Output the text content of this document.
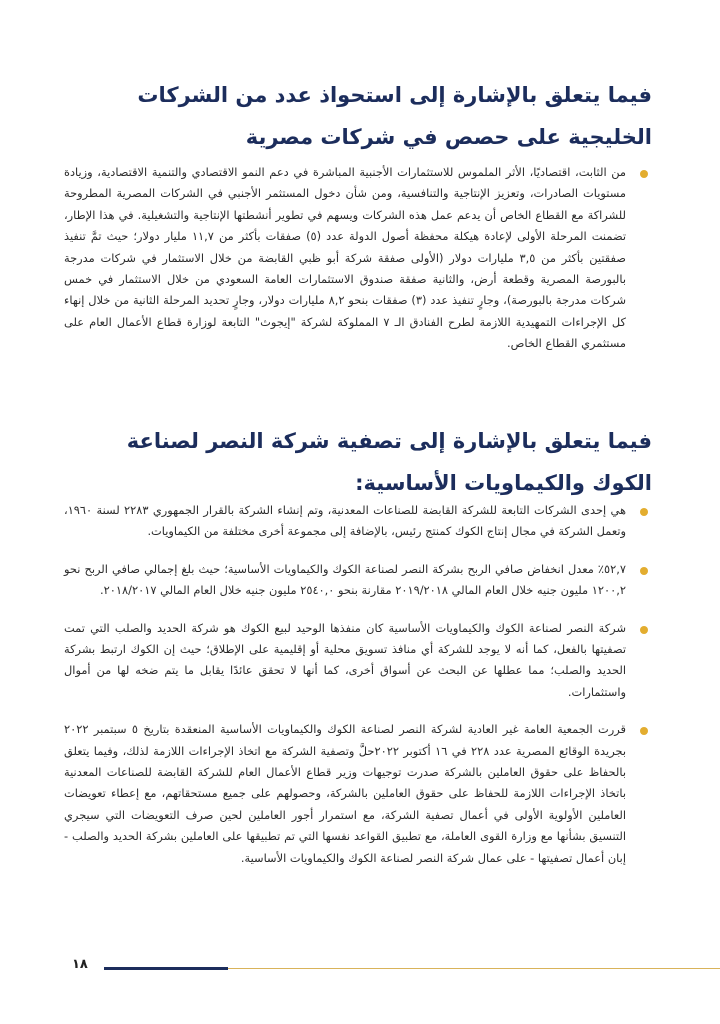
فيما يتعلق بالإشارة إلى استحواذ عدد من الشركات الخليجية على حصص في شركات مصرية

من الثابت، اقتصاديًا، الأثر الملموس للاستثمارات الأجنبية المباشرة في دعم النمو الاقتصادي والتنمية الاقتصادية، وزيادة مستويات الصادرات، وتعزيز الإنتاجية والتنافسية، ومن شأن دخول المستثمر الأجنبي في الشركات المصرية المطروحة للشراكة مع القطاع الخاص أن يدعم عمل هذه الشركات ويسهم في تطوير أنشطتها الإنتاجية والتشغيلية. في هذا الإطار، تضمنت المرحلة الأولى لإعادة هيكلة محفظة أصول الدولة عدد (٥) صفقات بأكثر من ١١,٧ مليار دولار؛ حيث تمَّ تنفيذ صفقتين بأكثر من ٣,٥ مليارات دولار (الأولى صفقة شركة أبو ظبي القابضة من خلال الاستثمار في شركات مدرجة بالبورصة المصرية وقطعة أرض، والثانية صفقة صندوق الاستثمارات العامة السعودي من خلال الاستثمار في خمس شركات مدرجة بالبورصة)، وجارٍ تنفيذ عدد (٣) صفقات بنحو ٨,٢ مليارات دولار، وجارٍ تحديد المرحلة الثانية من خلال إنهاء كل الإجراءات التمهيدية اللازمة لطرح الفنادق الـ ٧ المملوكة لشركة "إيجوث" التابعة لوزارة قطاع الأعمال العام على مستثمري القطاع الخاص.

فيما يتعلق بالإشارة إلى تصفية شركة النصر لصناعة الكوك والكيماويات الأساسية:

هي إحدى الشركات التابعة للشركة القابضة للصناعات المعدنية، وتم إنشاء الشركة بالقرار الجمهوري ٢٢٨٣ لسنة ١٩٦٠، وتعمل الشركة في مجال إنتاج الكوك كمنتج رئيس، بالإضافة إلى مجموعة أخرى مختلفة من الكيماويات.

٥٢,٧٪ معدل انخفاض صافي الربح بشركة النصر لصناعة الكوك والكيماويات الأساسية؛ حيث بلغ إجمالي صافي الربح نحو ١٢٠٠,٢ مليون جنيه خلال العام المالي ٢٠١٩/٢٠١٨ مقارنة بنحو ٢٥٤٠,٠ مليون جنيه خلال العام المالي ٢٠١٨/٢٠١٧.

شركة النصر لصناعة الكوك والكيماويات الأساسية كان منفذها الوحيد لبيع الكوك هو شركة الحديد والصلب التي تمت تصفيتها بالفعل، كما أنه لا يوجد للشركة أي منافذ تسويق محلية أو إقليمية على الإطلاق؛ حيث إن الكوك ارتبط بشركة الحديد والصلب؛ مما عطلها عن البحث عن أسواق أخرى، كما أنها لا تحقق عائدًا يقابل ما يتم ضخه لها من أموال واستثمارات.

قررت الجمعية العامة غير العادية لشركة النصر لصناعة الكوك والكيماويات الأساسية المنعقدة بتاريخ ٥ سبتمبر ٢٠٢٢ بجريدة الوقائع المصرية عدد ٢٢٨ في ١٦ أكتوبر ٢٠٢٢حلَّ وتصفية الشركة مع اتخاذ الإجراءات اللازمة لذلك، وفيما يتعلق بالحفاظ على حقوق العاملين بالشركة صدرت توجيهات وزير قطاع الأعمال العام للشركة القابضة للصناعات المعدنية باتخاذ الإجراءات اللازمة للحفاظ على حقوق العاملين بالشركة، وحصولهم على جميع مستحقاتهم، مع إعطاء تعويضات العاملين الأولوية الأولى في أعمال تصفية الشركة، مع استمرار أجور العاملين لحين صرف التعويضات التي سيجري التنسيق بشأنها مع وزارة القوى العاملة، مع تطبيق القواعد نفسها التي تم تطبيقها على العاملين بشركة الحديد والصلب - إبان أعمال تصفيتها - على عمال شركة النصر لصناعة الكوك والكيماويات الأساسية.

١٨
